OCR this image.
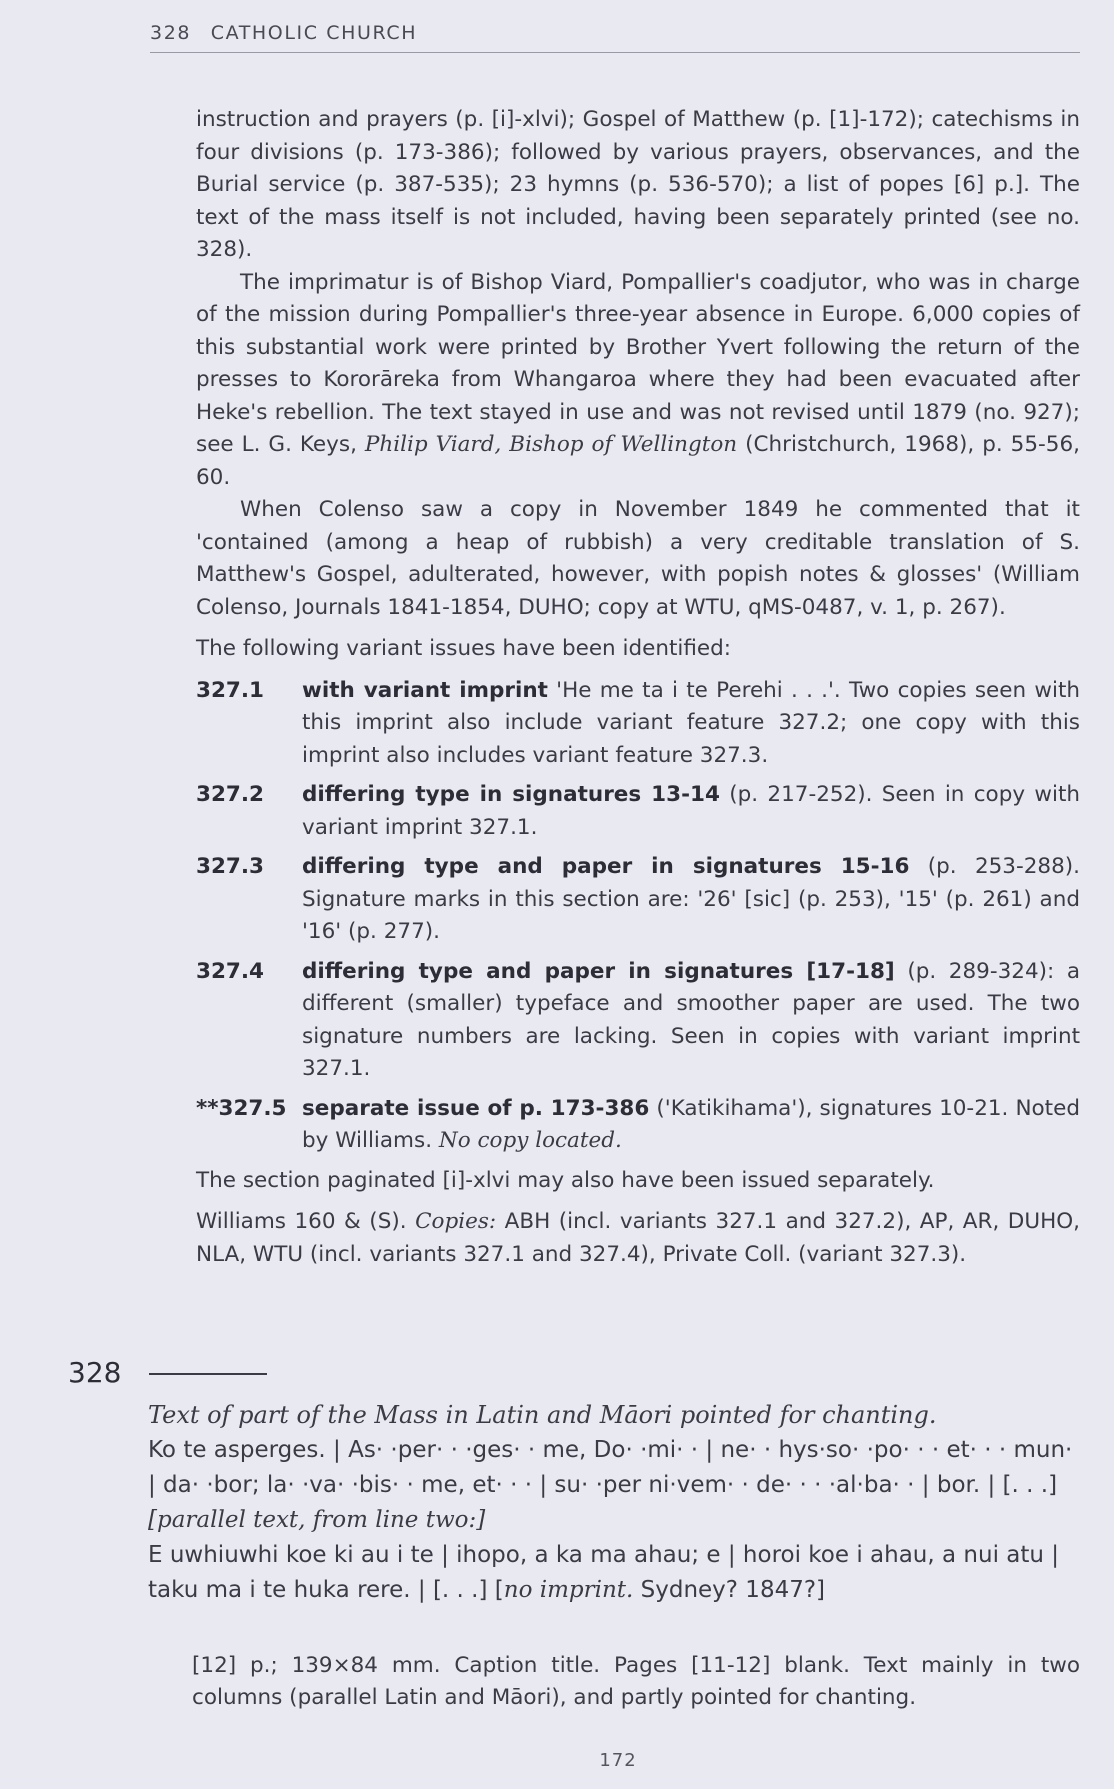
328 CATHOLIC CHURCH

instruction and prayers (p. [i]-xlvi); Gospel of Matthew (p. [1]-172); catechisms in four divisions (p. 173-386); followed by various prayers, observances, and the Burial service (p. 387-535); 23 hymns (p. 536-570); a list of popes [6] p.]. The text of the mass itself is not included, having been separately printed (see no. 328).

The imprimatur is of Bishop Viard, Pompallier's coadjutor, who was in charge of the mission during Pompallier's three-year absence in Europe. 6,000 copies of this substantial work were printed by Brother Yvert following the return of the presses to Kororāreka from Whangaroa where they had been evacuated after Heke's rebellion. The text stayed in use and was not revised until 1879 (no. 927); see L. G. Keys, Philip Viard, Bishop of Wellington (Christchurch, 1968), p. 55-56, 60.

When Colenso saw a copy in November 1849 he commented that it 'contained (among a heap of rubbish) a very creditable translation of S. Matthew's Gospel, adulterated, however, with popish notes & glosses' (William Colenso, Journals 1841-1854, DUHO; copy at WTU, qMS-0487, v. 1, p. 267).

The following variant issues have been identified:

327.1	with variant imprint 'He me ta i te Perehi . . .'. Two copies seen with this imprint also include variant feature 327.2; one copy with this imprint also includes variant feature 327.3.
327.2	differing type in signatures 13-14 (p. 217-252). Seen in copy with variant imprint 327.1.
327.3	differing type and paper in signatures 15-16 (p. 253-288). Signature marks in this section are: '26' [sic] (p. 253), '15' (p. 261) and '16' (p. 277).
327.4	differing type and paper in signatures [17-18] (p. 289-324): a different (smaller) typeface and smoother paper are used. The two signature numbers are lacking. Seen in copies with variant imprint 327.1.
**327.5 separate issue of p. 173-386 ('Katikihama'), signatures 10-21. Noted by Williams. No copy located.

The section paginated [i]-xlvi may also have been issued separately.

Williams 160 & (S). Copies: ABH (incl. variants 327.1 and 327.2), AP, AR, DUHO, NLA, WTU (incl. variants 327.1 and 327.4), Private Coll. (variant 327.3).

328

Text of part of the Mass in Latin and Māori pointed for chanting.

Ko te asperges. | As· ·per· · ·ges· · me, Do· ·mi· · | ne· · hys·so· ·po· · · et· · · mun· | da· ·bor; la· ·va· ·bis· · me, et· · · | su· ·per ni·vem· · de· · · ·al·ba· · | bor. | [. . .]

[parallel text, from line two:]

E uwhiuwhi koe ki au i te | ihopo, a ka ma ahau; e | horoi koe i ahau, a nui atu | taku ma i te huka rere. | [. . .] [no imprint. Sydney? 1847?]

[12] p.; 139×84 mm. Caption title. Pages [11-12] blank. Text mainly in two columns (parallel Latin and Māori), and partly pointed for chanting.

172
